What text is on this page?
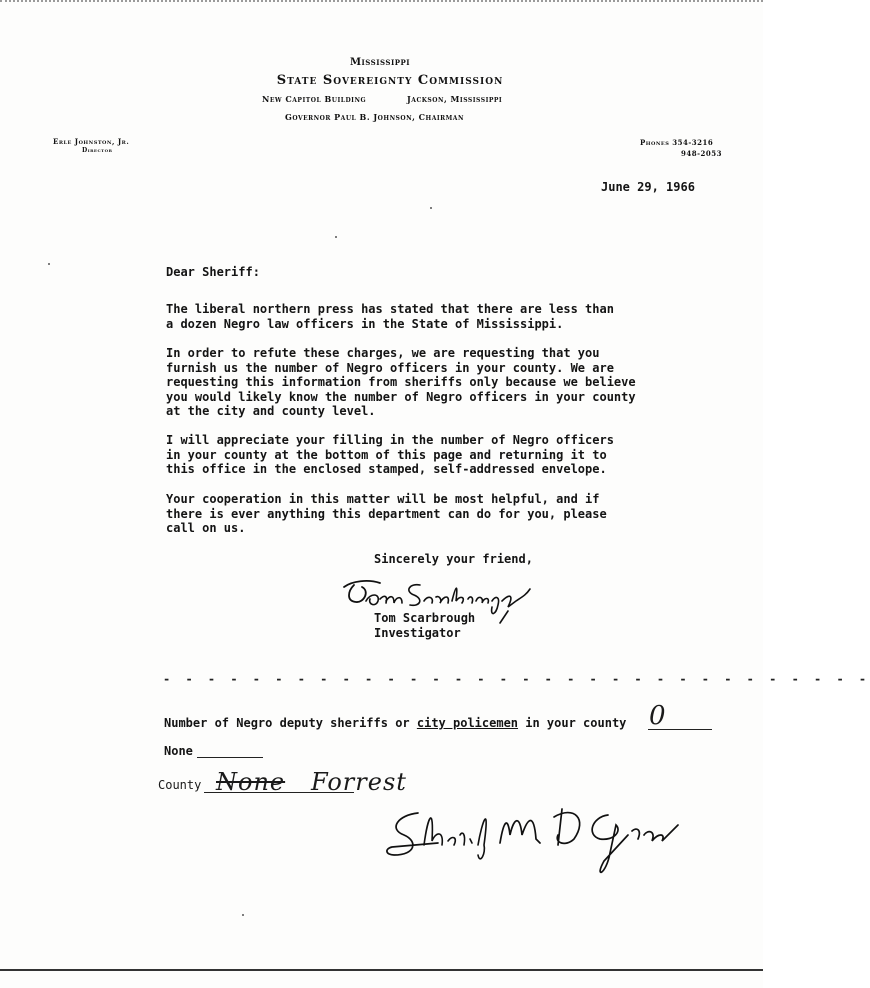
Mississippi
State Sovereignty Commission
New Capitol Building	Jackson, Mississippi
Governor Paul B. Johnson, Chairman
Erle Johnston, Jr.
Director
Phones 354-3216
948-2053
June 29, 1966
Dear Sheriff:
The liberal northern press has stated that there are less than
a dozen Negro law officers in the State of Mississippi.
In order to refute these charges, we are requesting that you
furnish us the number of Negro officers in your county. We are
requesting this information from sheriffs only because we believe
you would likely know the number of Negro officers in your county
at the city and county level.
I will appreciate your filling in the number of Negro officers
in your county at the bottom of this page and returning it to
this office in the enclosed stamped, self-addressed envelope.
Your cooperation in this matter will be most helpful, and if
there is ever anything this department can do for you, please
call on us.
Sincerely your friend,
Tom Scarbrough
Investigator
- - - - - - - - - - - - - - - - - - - - - - - - - - - - - - - -
Number of Negro deputy sheriffs or city policemen in your county 0
None
County None Forrest
